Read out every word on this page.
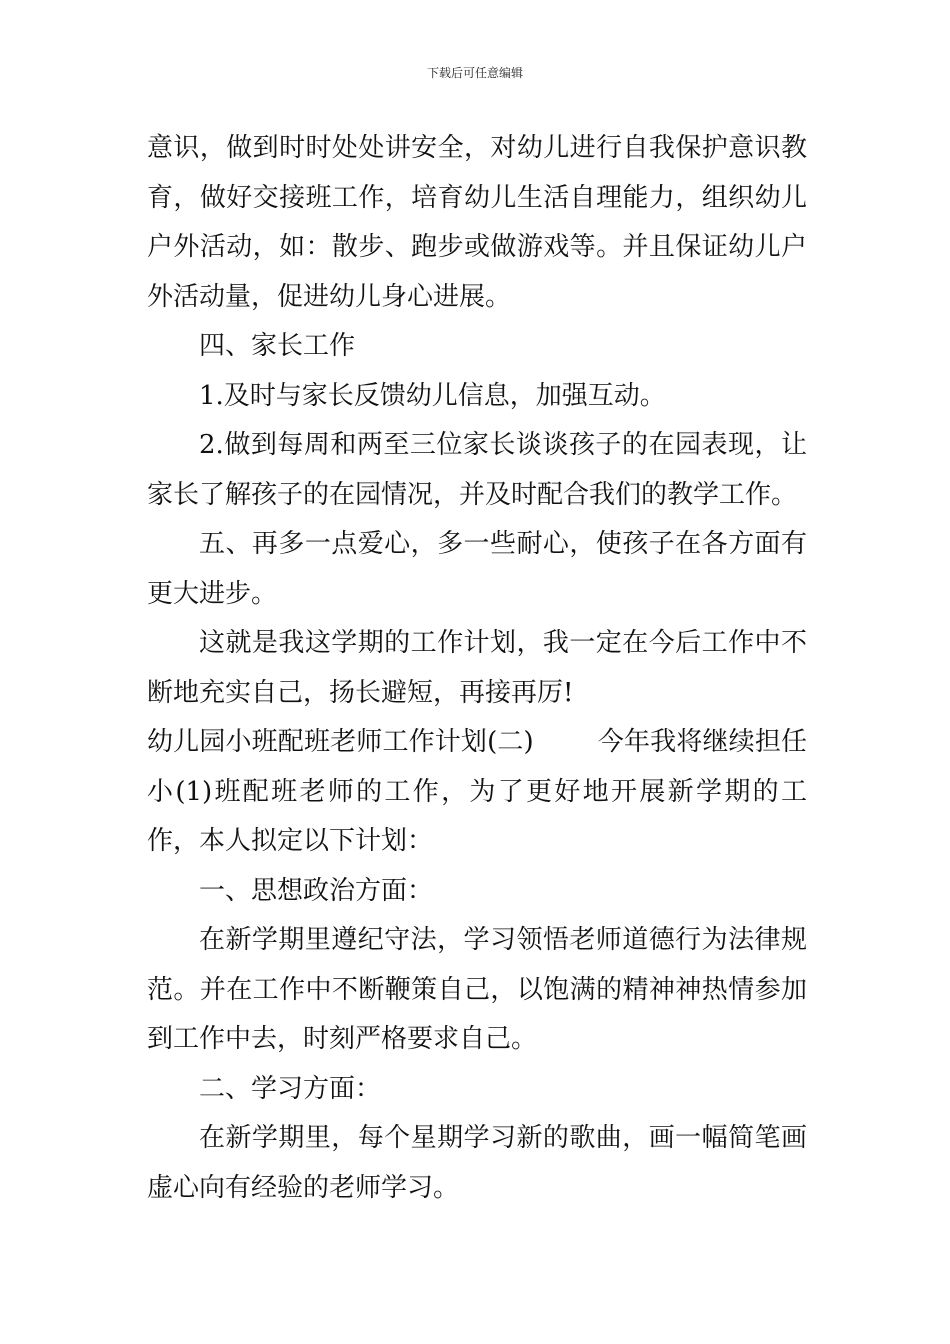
下载后可任意编辑

意识，做到时时处处讲安全，对幼儿进行自我保护意识教育，做好交接班工作，培育幼儿生活自理能力，组织幼儿户外活动，如：散步、跑步或做游戏等。并且保证幼儿户外活动量，促进幼儿身心进展。

四、家长工作

1.及时与家长反馈幼儿信息，加强互动。

2.做到每周和两至三位家长谈谈孩子的在园表现，让家长了解孩子的在园情况，并及时配合我们的教学工作。

五、再多一点爱心，多一些耐心，使孩子在各方面有更大进步。

这就是我这学期的工作计划，我一定在今后工作中不断地充实自己，扬长避短，再接再厉!

幼儿园小班配班老师工作计划(二) 今年我将继续担任小(1)班配班老师的工作，为了更好地开展新学期的工作，本人拟定以下计划：

一、思想政治方面：

在新学期里遵纪守法，学习领悟老师道德行为法律规范。并在工作中不断鞭策自己，以饱满的精神神热情参加到工作中去，时刻严格要求自己。

二、学习方面：

在新学期里，每个星期学习新的歌曲，画一幅简笔画虚心向有经验的老师学习。
